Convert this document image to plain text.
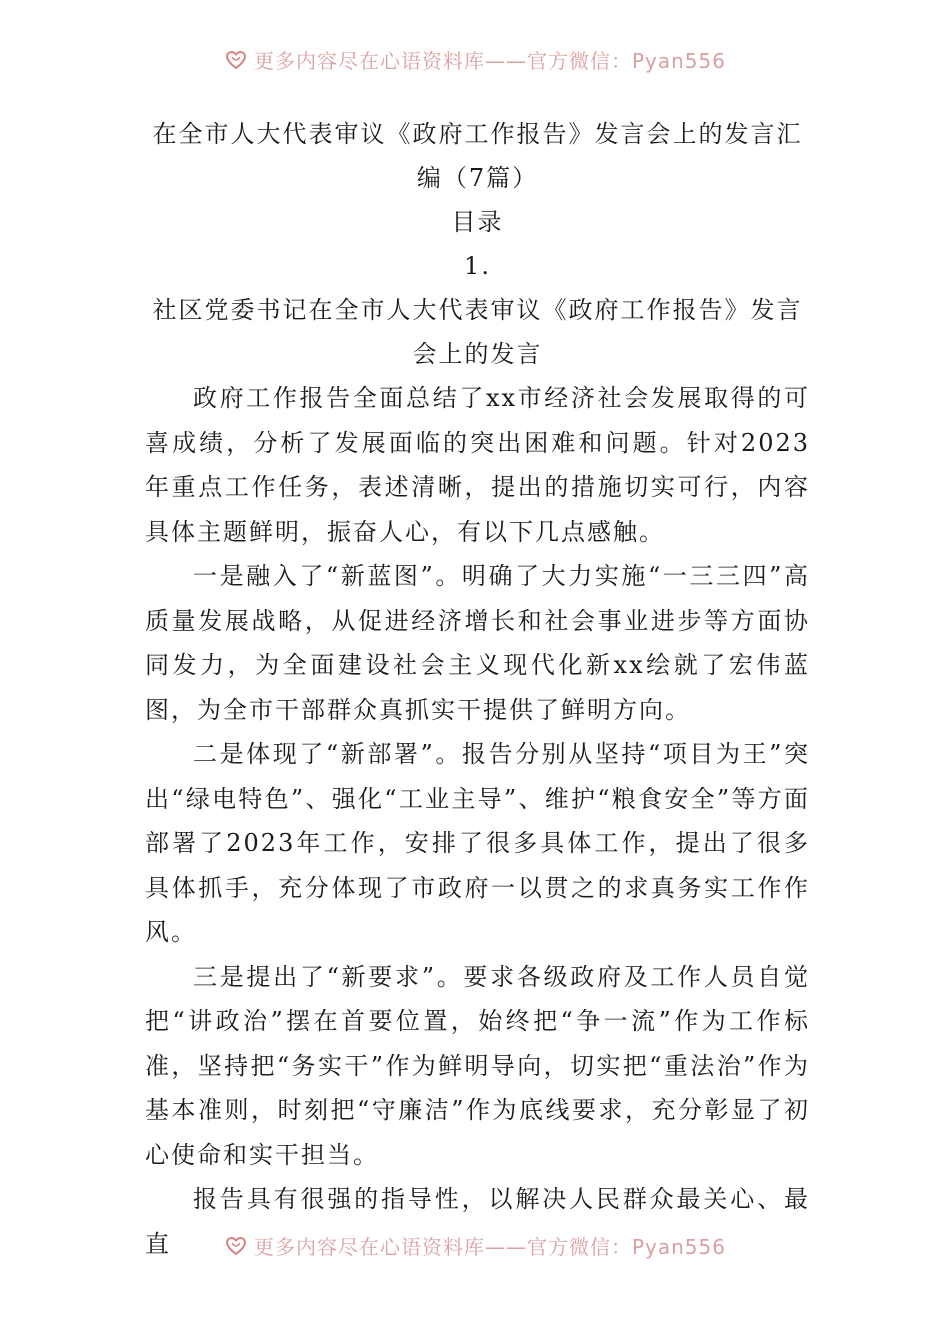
更多内容尽在心语资料库——官方微信：Pyan556

在全市人大代表审议《政府工作报告》发言会上的发言汇编（7篇）

目录

1.

社区党委书记在全市人大代表审议《政府工作报告》发言会上的发言

政府工作报告全面总结了xx市经济社会发展取得的可喜成绩，分析了发展面临的突出困难和问题。针对2023年重点工作任务，表述清晰，提出的措施切实可行，内容具体主题鲜明，振奋人心，有以下几点感触。

一是融入了“新蓝图”。明确了大力实施“一三三四”高质量发展战略，从促进经济增长和社会事业进步等方面协同发力，为全面建设社会主义现代化新xx绘就了宏伟蓝图，为全市干部群众真抓实干提供了鲜明方向。

二是体现了“新部署”。报告分别从坚持“项目为王”突出“绿电特色”、强化“工业主导”、维护“粮食安全”等方面部署了2023年工作，安排了很多具体工作，提出了很多具体抓手，充分体现了市政府一以贯之的求真务实工作作风。

三是提出了“新要求”。要求各级政府及工作人员自觉把“讲政治”摆在首要位置，始终把“争一流”作为工作标准，坚持把“务实干”作为鲜明导向，切实把“重法治”作为基本准则，时刻把“守廉洁”作为底线要求，充分彰显了初心使命和实干担当。

报告具有很强的指导性，以解决人民群众最关心、最直	更多内容尽在心语资料库——官方微信：Pyan556
